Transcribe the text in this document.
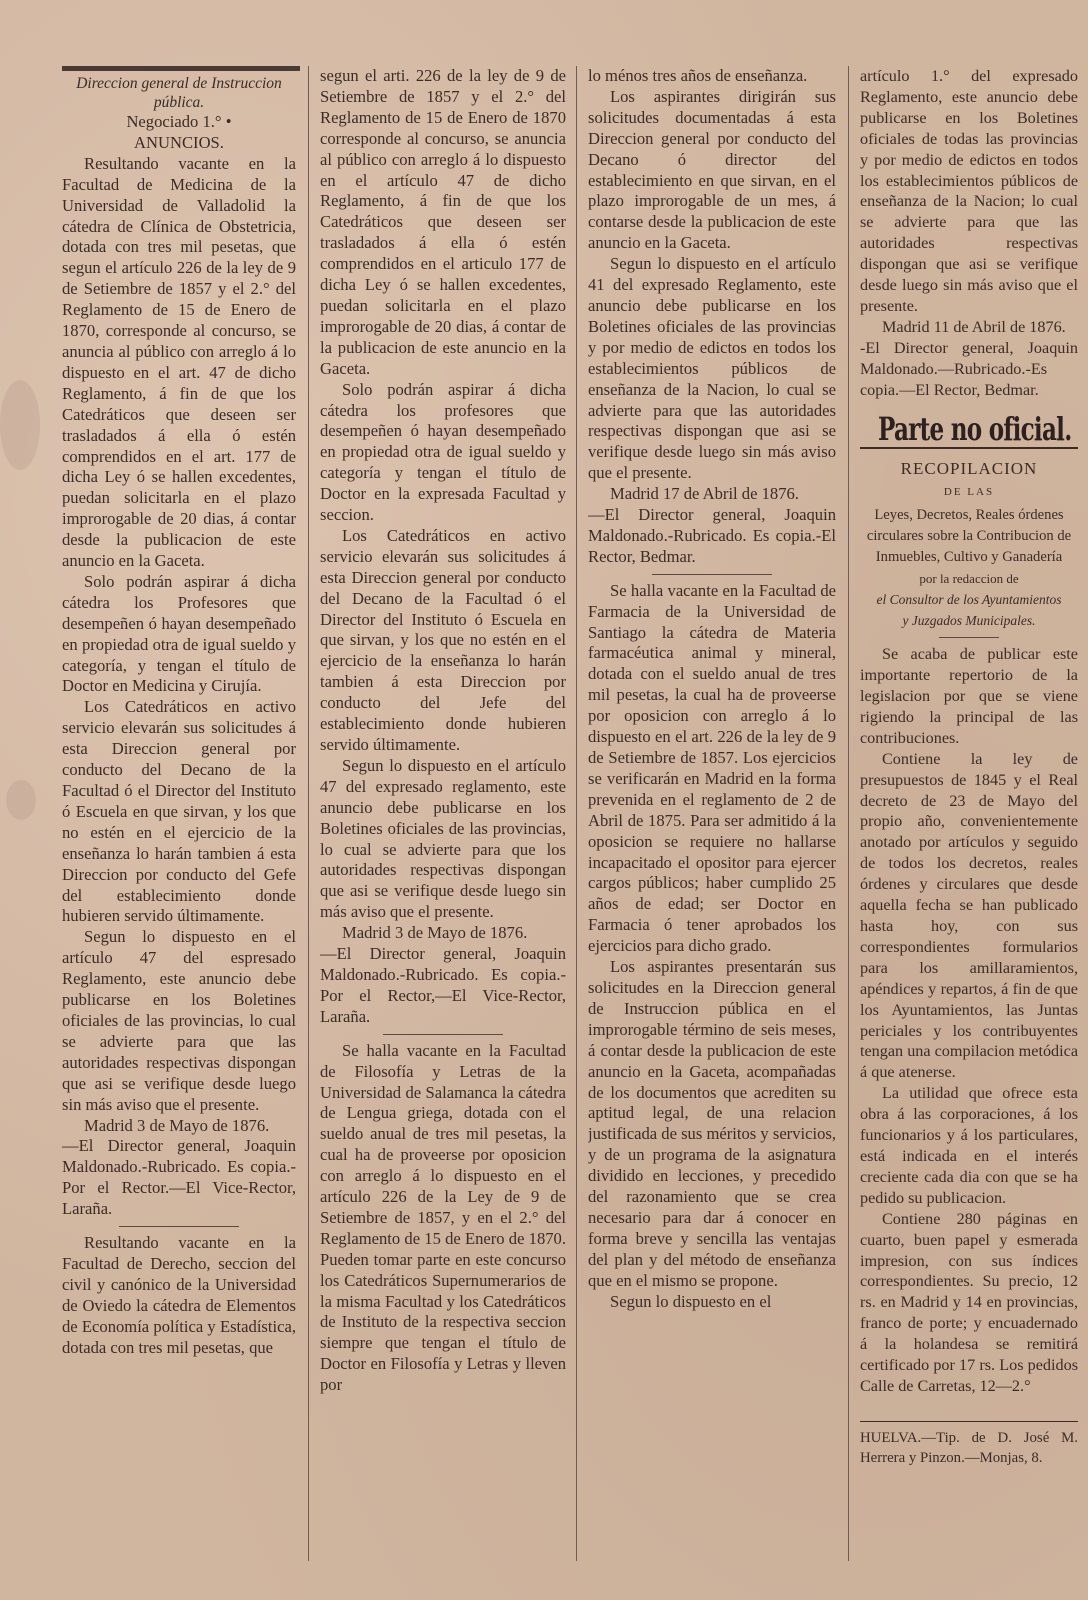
Direccion general de Instruccion pública.

Negociado 1.° •

ANUNCIOS.

Resultando vacante en la Facultad de Medicina de la Universidad de Valladolid la cátedra de Clínica de Obstetricia, dotada con tres mil pesetas, que segun el artículo 226 de la ley de 9 de Setiembre de 1857 y el 2.° del Reglamento de 15 de Enero de 1870, corresponde al concurso, se anuncia al público con arreglo á lo dispuesto en el art. 47 de dicho Reglamento, á fin de que los Catedráticos que deseen ser trasladados á ella ó estén comprendidos en el art. 177 de dicha Ley ó se hallen excedentes, puedan solicitarla en el plazo improrogable de 20 dias, á contar desde la publicacion de este anuncio en la Gaceta.

Solo podrán aspirar á dicha cátedra los Profesores que desempeñen ó hayan desempeñado en propiedad otra de igual sueldo y categoría, y tengan el título de Doctor en Medicina y Cirujía.

Los Catedráticos en activo servicio elevarán sus solicitudes á esta Direccion general por conducto del Decano de la Facultad ó el Director del Instituto ó Escuela en que sirvan, y los que no estén en el ejercicio de la enseñanza lo harán tambien á esta Direccion por conducto del Gefe del establecimiento donde hubieren servido últimamente.

Segun lo dispuesto en el artículo 47 del espresado Reglamento, este anuncio debe publicarse en los Boletines oficiales de las provincias, lo cual se advierte para que las autoridades respectivas dispongan que asi se verifique desde luego sin más aviso que el presente.

Madrid 3 de Mayo de 1876.

—El Director general, Joaquin Maldonado.-Rubricado. Es copia.-Por el Rector.—El Vice-Rector, Laraña.

Resultando vacante en la Facultad de Derecho, seccion del civil y canónico de la Universidad de Oviedo la cátedra de Elementos de Economía política y Estadística, dotada con tres mil pesetas, que

segun el arti. 226 de la ley de 9 de Setiembre de 1857 y el 2.° del Reglamento de 15 de Enero de 1870 corresponde al concurso, se anuncia al público con arreglo á lo dispuesto en el artículo 47 de dicho Reglamento, á fin de que los Catedráticos que deseen ser trasladados á ella ó estén comprendidos en el articulo 177 de dicha Ley ó se hallen excedentes, puedan solicitarla en el plazo improrogable de 20 dias, á contar de la publicacion de este anuncio en la Gaceta.

Solo podrán aspirar á dicha cátedra los profesores que desempeñen ó hayan desempeñado en propiedad otra de igual sueldo y categoría y tengan el título de Doctor en la expresada Facultad y seccion.

Los Catedráticos en activo servicio elevarán sus solicitudes á esta Direccion general por conducto del Decano de la Facultad ó el Director del Instituto ó Escuela en que sirvan, y los que no estén en el ejercicio de la enseñanza lo harán tambien á esta Direccion por conducto del Jefe del establecimiento donde hubieren servido últimamente.

Segun lo dispuesto en el artículo 47 del expresado reglamento, este anuncio debe publicarse en los Boletines oficiales de las provincias, lo cual se advierte para que los autoridades respectivas dispongan que asi se verifique desde luego sin más aviso que el presente.

Madrid 3 de Mayo de 1876.

—El Director general, Joaquin Maldonado.-Rubricado. Es copia.-Por el Rector,—El Vice-Rector, Laraña.

Se halla vacante en la Facultad de Filosofía y Letras de la Universidad de Salamanca la cátedra de Lengua griega, dotada con el sueldo anual de tres mil pesetas, la cual ha de proveerse por oposicion con arreglo á lo dispuesto en el artículo 226 de la Ley de 9 de Setiembre de 1857, y en el 2.° del Reglamento de 15 de Enero de 1870. Pueden tomar parte en este concurso los Catedráticos Supernumerarios de la misma Facultad y los Catedráticos de Instituto de la respectiva seccion siempre que tengan el título de Doctor en Filosofía y Letras y lleven por

lo ménos tres años de enseñanza.

Los aspirantes dirigirán sus solicitudes documentadas á esta Direccion general por conducto del Decano ó director del establecimiento en que sirvan, en el plazo improrogable de un mes, á contarse desde la publicacion de este anuncio en la Gaceta.

Segun lo dispuesto en el artículo 41 del expresado Reglamento, este anuncio debe publicarse en los Boletines oficiales de las provincias y por medio de edictos en todos los establecimientos públicos de enseñanza de la Nacion, lo cual se advierte para que las autoridades respectivas dispongan que asi se verifique desde luego sin más aviso que el presente.

Madrid 17 de Abril de 1876.

—El Director general, Joaquin Maldonado.-Rubricado. Es copia.-El Rector, Bedmar.

Se halla vacante en la Facultad de Farmacia de la Universidad de Santiago la cátedra de Materia farmacéutica animal y mineral, dotada con el sueldo anual de tres mil pesetas, la cual ha de proveerse por oposicion con arreglo á lo dispuesto en el art. 226 de la ley de 9 de Setiembre de 1857. Los ejercicios se verificarán en Madrid en la forma prevenida en el reglamento de 2 de Abril de 1875. Para ser admitido á la oposicion se requiere no hallarse incapacitado el opositor para ejercer cargos públicos; haber cumplido 25 años de edad; ser Doctor en Farmacia ó tener aprobados los ejercicios para dicho grado.

Los aspirantes presentarán sus solicitudes en la Direccion general de Instruccion pública en el improrogable término de seis meses, á contar desde la publicacion de este anuncio en la Gaceta, acompañadas de los documentos que acrediten su aptitud legal, de una relacion justificada de sus méritos y servicios, y de un programa de la asignatura dividido en lecciones, y precedido del razonamiento que se crea necesario para dar á conocer en forma breve y sencilla las ventajas del plan y del método de enseñanza que en el mismo se propone.

Segun lo dispuesto en el

artículo 1.° del expresado Reglamento, este anuncio debe publicarse en los Boletines oficiales de todas las provincias y por medio de edictos en todos los establecimientos públicos de enseñanza de la Nacion; lo cual se advierte para que las autoridades respectivas dispongan que asi se verifique desde luego sin más aviso que el presente.

Madrid 11 de Abril de 1876.

-El Director general, Joaquin Maldonado.—Rubricado.-Es copia.—El Rector, Bedmar.

Parte no oficial.
RECOPILACION
DE LAS
Leyes, Decretos, Reales órdenes
circulares sobre la Contribucion de
Inmuebles, Cultivo y Ganadería
por la redaccion de
el Consultor de los Ayuntamientos
y Juzgados Municipales.

Se acaba de publicar este importante repertorio de la legislacion por que se viene rigiendo la principal de las contribuciones.

Contiene la ley de presupuestos de 1845 y el Real decreto de 23 de Mayo del propio año, convenientemente anotado por artículos y seguido de todos los decretos, reales órdenes y circulares que desde aquella fecha se han publicado hasta hoy, con sus correspondientes formularios para los amillaramientos, apéndices y repartos, á fin de que los Ayuntamientos, las Juntas periciales y los contribuyentes tengan una compilacion metódica á que atenerse.

La utilidad que ofrece esta obra á las corporaciones, á los funcionarios y á los particulares, está indicada en el interés creciente cada dia con que se ha pedido su publicacion.

Contiene 280 páginas en cuarto, buen papel y esmerada impresion, con sus índices correspondientes. Su precio, 12 rs. en Madrid y 14 en provincias, franco de porte; y encuadernado á la holandesa se remitirá certificado por 17 rs. Los pedidos Calle de Carretas, 12—2.°

HUELVA.—Tip. de D. José M. Herrera y Pinzon.—Monjas, 8.
